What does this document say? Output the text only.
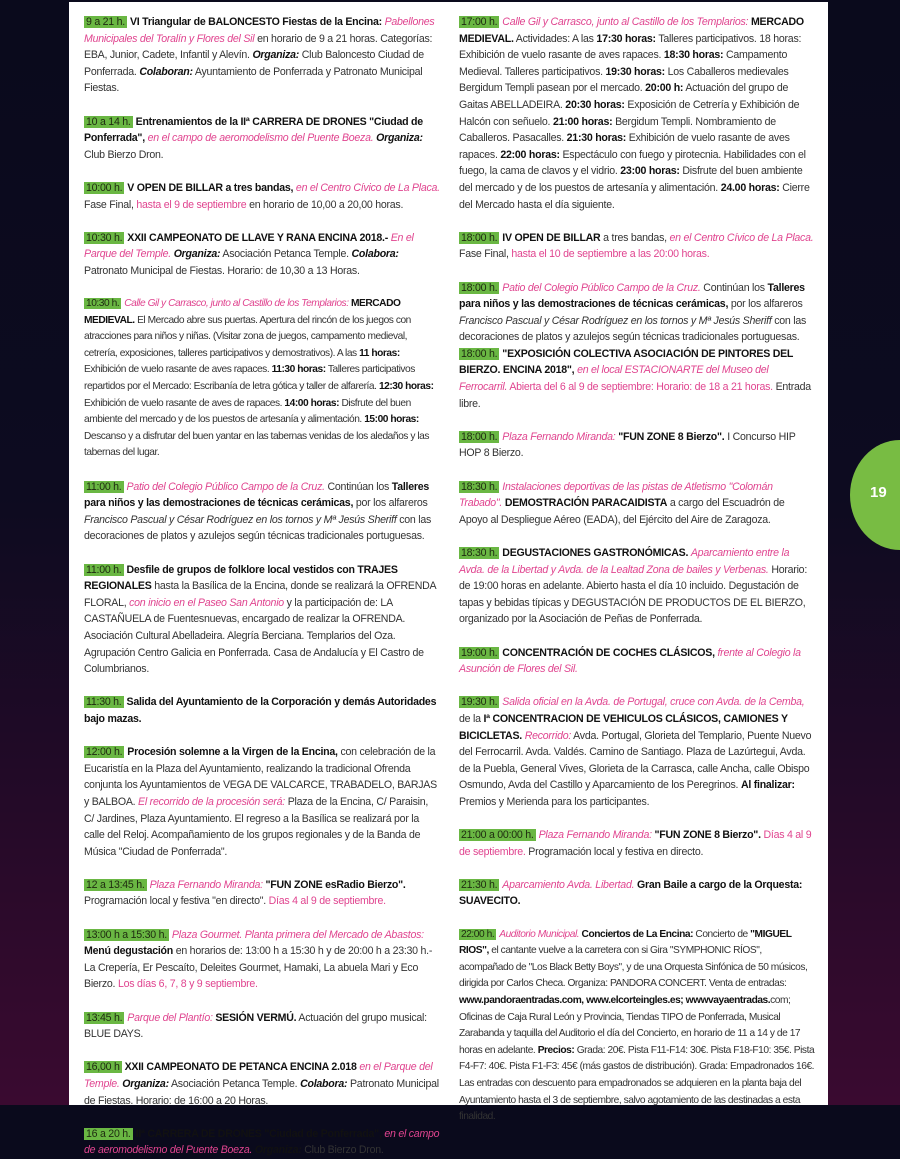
9 a 21 h. VI Triangular de BALONCESTO Fiestas de la Encina: Pabellones Municipales del Toralín y Flores del Sil en horario de 9 a 21 horas. Categorías: EBA, Junior, Cadete, Infantil y Alevín. Organiza: Club Baloncesto Ciudad de Ponferrada. Colaboran: Ayuntamiento de Ponferrada y Patronato Municipal Fiestas.

10 a 14 h. Entrenamientos de la IIª CARRERA DE DRONES "Ciudad de Ponferrada", en el campo de aeromodelismo del Puente Boeza. Organiza: Club Bierzo Dron.

10:00 h. V OPEN DE BILLAR a tres bandas, en el Centro Cívico de La Placa. Fase Final, hasta el 9 de septiembre en horario de 10,00 a 20,00 horas.

10:30 h. XXII CAMPEONATO DE LLAVE Y RANA ENCINA 2018.- En el Parque del Temple. Organiza: Asociación Petanca Temple. Colabora: Patronato Municipal de Fiestas. Horario: de 10,30 a 13 Horas.

10:30 h. Calle Gil y Carrasco, junto al Castillo de los Templarios: MERCADO MEDIEVAL. El Mercado abre sus puertas. Apertura del rincón de los juegos con atracciones para niños y niñas. (Visitar zona de juegos, campamento medieval, cetrería, exposiciones, talleres participativos y demostrativos). A las 11 horas: Exhibición de vuelo rasante de aves rapaces. 11:30 horas: Talleres participativos repartidos por el Mercado: Escribanía de letra gótica y taller de alfarería. 12:30 horas: Exhibición de vuelo rasante de aves de rapaces. 14:00 horas: Disfrute del buen ambiente del mercado y de los puestos de artesanía y alimentación. 15:00 horas: Descanso y a disfrutar del buen yantar en las tabernas venidas de los aledaños y las tabernas del lugar.

11:00 h. Patio del Colegio Público Campo de la Cruz. Continúan los Talleres para niños y las demostraciones de técnicas cerámicas, por los alfareros Francisco Pascual y César Rodríguez en los tornos y Mª Jesús Sheriff con las decoraciones de platos y azulejos según técnicas tradicionales portuguesas.

11:00 h. Desfile de grupos de folklore local vestidos con TRAJES REGIONALES hasta la Basílica de la Encina, donde se realizará la OFRENDA FLORAL, con inicio en el Paseo San Antonio y la participación de: LA CASTAÑUELA de Fuentesnuevas, encargado de realizar la OFRENDA. Asociación Cultural Abelladeira. Alegría Berciana. Templarios del Oza. Agrupación Centro Galicia en Ponferrada. Casa de Andalucía y El Castro de Columbrianos.

11:30 h. Salida del Ayuntamiento de la Corporación y demás Autoridades bajo mazas.

12:00 h. Procesión solemne a la Virgen de la Encina, con celebración de la Eucaristía en la Plaza del Ayuntamiento, realizando la tradicional Ofrenda conjunta los Ayuntamientos de VEGA DE VALCARCE, TRABADELO, BARJAS y BALBOA. El recorrido de la procesión será: Plaza de la Encina, C/ Paraisin, C/ Jardines, Plaza Ayuntamiento. El regreso a la Basílica se realizará por la calle del Reloj. Acompañamiento de los grupos regionales y de la Banda de Música "Ciudad de Ponferrada".

12 a 13:45 h. Plaza Fernando Miranda: "FUN ZONE esRadio Bierzo". Programación local y festiva "en directo". Días 4 al 9 de septiembre.

13:00 h a 15:30 h. Plaza Gourmet. Planta primera del Mercado de Abastos: Menú degustación en horarios de: 13:00 h a 15:30 h y de 20:00 h a 23:30 h.- La Crepería, Er Pescaíto, Deleites Gourmet, Hamaki, La abuela Mari y Eco Bierzo. Los días 6, 7, 8 y 9 septiembre.

13:45 h. Parque del Plantío: SESIÓN VERMÚ. Actuación del grupo musical: BLUE DAYS.

16,00 h XXII CAMPEONATO DE PETANCA ENCINA 2.018 en el Parque del Temple. Organiza: Asociación Petanca Temple. Colabora: Patronato Municipal de Fiestas. Horario: de 16:00 a 20 Horas.

16 a 20 h. IIª CARRERA DE DRONES "Ciudad de Ponferrada", en el campo de aeromodelismo del Puente Boeza. Organiza: Club Bierzo Dron.

17:00 h. Calle Gil y Carrasco, junto al Castillo de los Templarios: MERCADO MEDIEVAL. Actividades: A las 17:30 horas: Talleres participativos. 18 horas: Exhibición de vuelo rasante de aves rapaces. 18:30 horas: Campamento Medieval. Talleres participativos. 19:30 horas: Los Caballeros medievales Bergidum Templi pasean por el mercado. 20:00 h: Actuación del grupo de Gaitas ABELLADEIRA. 20:30 horas: Exposición de Cetrería y Exhibición de Halcón con señuelo. 21:00 horas: Bergidum Templi. Nombramiento de Caballeros. Pasacalles. 21:30 horas: Exhibición de vuelo rasante de aves rapaces. 22:00 horas: Espectáculo con fuego y pirotecnia. Habilidades con el fuego, la cama de clavos y el vidrio. 23:00 horas: Disfrute del buen ambiente del mercado y de los puestos de artesanía y alimentación. 24.00 horas: Cierre del Mercado hasta el día siguiente.

18:00 h. IV OPEN DE BILLAR a tres bandas, en el Centro Cívico de La Placa. Fase Final, hasta el 10 de septiembre a las 20:00 horas.

18:00 h. Patio del Colegio Público Campo de la Cruz. Continúan los Talleres para niños y las demostraciones de técnicas cerámicas, por los alfareros Francisco Pascual y César Rodríguez en los tornos y Mª Jesús Sheriff con las decoraciones de platos y azulejos según técnicas tradicionales portuguesas.

18:00 h. "EXPOSICIÓN COLECTIVA ASOCIACIÓN DE PINTORES DEL BIERZO. ENCINA 2018", en el local ESTACIONARTE del Museo del Ferrocarril. Abierta del 6 al 9 de septiembre: Horario: de 18 a 21 horas. Entrada libre.

18:00 h. Plaza Fernando Miranda: "FUN ZONE 8 Bierzo". I Concurso HIP HOP 8 Bierzo.

18:30 h. Instalaciones deportivas de las pistas de Atletismo "Colomán Trabado". DEMOSTRACIÓN PARACAIDISTA a cargo del Escuadrón de Apoyo al Despliegue Aéreo (EADA), del Ejército del Aire de Zaragoza.

18:30 h. DEGUSTACIONES GASTRONÓMICAS. Aparcamiento entre la Avda. de la Libertad y Avda. de la Lealtad Zona de bailes y Verbenas. Horario: de 19:00 horas en adelante. Abierto hasta el día 10 incluido. Degustación de tapas y bebidas típicas y DEGUSTACIÓN DE PRODUCTOS DE EL BIERZO, organizado por la Asociación de Peñas de Ponferrada.

19:00 h. CONCENTRACIÓN DE COCHES CLÁSICOS, frente al Colegio la Asunción de Flores del Sil.

19:30 h. Salida oficial en la Avda. de Portugal, cruce con Avda. de la Cemba, de la Iª CONCENTRACION DE VEHICULOS CLÁSICOS, CAMIONES Y BICICLETAS. Recorrido: Avda. Portugal, Glorieta del Templario, Puente Nuevo del Ferrocarril. Avda. Valdés. Camino de Santiago. Plaza de Lazúrtegui, Avda. de la Puebla, General Vives, Glorieta de la Carrasca, calle Ancha, calle Obispo Osmundo, Avda del Castillo y Aparcamiento de los Peregrinos. Al finalizar: Premios y Merienda para los participantes.

21:00 a 00:00 h. Plaza Fernando Miranda: "FUN ZONE 8 Bierzo". Días 4 al 9 de septiembre. Programación local y festiva en directo.

21:30 h. Aparcamiento Avda. Libertad. Gran Baile a cargo de la Orquesta: SUAVECITO.

22:00 h. Auditorio Municipal. Conciertos de La Encina: Concierto de "MIGUEL RIOS", el cantante vuelve a la carretera con si Gira "SYMPHONIC RÍOS", acompañado de "Los Black Betty Boys", y de una Orquesta Sinfónica de 50 músicos, dirigida por Carlos Checa. Organiza: PANDORA CONCERT. Venta de entradas: www.pandoraentradas.com, www.elcorteingles.es; wwwvayaentradas.com; Oficinas de Caja Rural León y Provincia, Tiendas TIPO de Ponferrada, Musical Zarabanda y taquilla del Auditorio el día del Concierto, en horario de 11 a 14 y de 17 horas en adelante. Precios: Grada: 20€. Pista F11-F14: 30€. Pista F18-F10: 35€. Pista F4-F7: 40€. Pista F1-F3: 45€ (más gastos de distribución). Grada: Empadronados 16€. Las entradas con descuento para empadronados se adquieren en la planta baja del Ayuntamiento hasta el 3 de septiembre, salvo agotamiento de las destinadas a esta finalidad.

19
